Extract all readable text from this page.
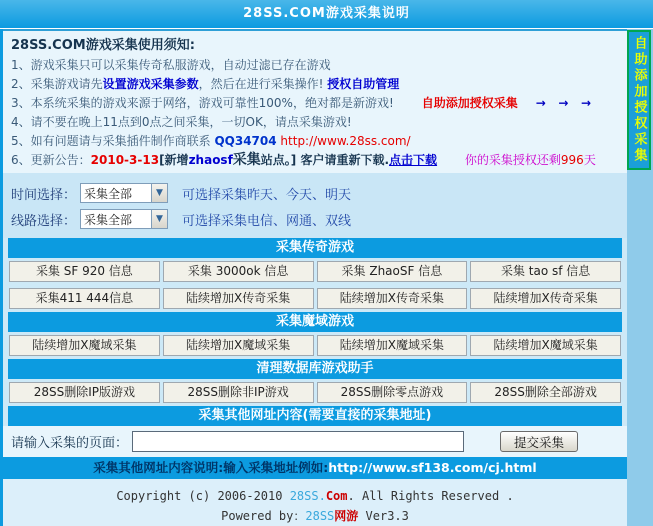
28SS.COM游戏采集说明
28SS.COM游戏采集使用须知:
1、游戏采集只可以采集传奇私服游戏，自动过滤已存在游戏
2、采集游戏请先设置游戏采集参数，然后在进行采集操作! 授权自助管理
3、本系统采集的游戏来源于网络，游戏可靠性100%，绝对都是新游戏! 自助添加授权采集 →   →   →
4、请不要在晚上11点到0点之间采集，一切OK，请点采集游戏!
5、如有问题请与采集插件制作商联系 QQ34704 http://www.28ss.com/
6、更新公告：2010-3-13[新增zhaosf采集站点。] 客户请重新下载.点击下载 你的采集授权还剩996天
时间选择： 采集全部	▼	可选择采集昨天、今天、明天
线路选择： 采集全部	▼	可选择采集电信、网通、双线
采集传奇游戏
采集 SF 920 信息	采集 3000ok 信息	采集 ZhaoSF 信息	采集 tao sf 信息
采集411 444信息	陆续增加X传奇采集	陆续增加X传奇采集	陆续增加X传奇采集
采集魔域游戏
陆续增加X魔域采集	陆续增加X魔域采集	陆续增加X魔域采集	陆续增加X魔域采集
清理数据库游戏助手
28SS删除IP版游戏	28SS删除非IP游戏	28SS删除零点游戏	28SS删除全部游戏
采集其他网址内容(需要直接的采集地址)
请输入采集的页面：	提交采集
采集其他网址内容说明:输入采集地址例如:http://www.sf138.com/cj.html
Copyright (c) 2006-2010 28SS.Com. All Rights Reserved .
Powered by：28SS网游 Ver3.3
自助添加授权采集
